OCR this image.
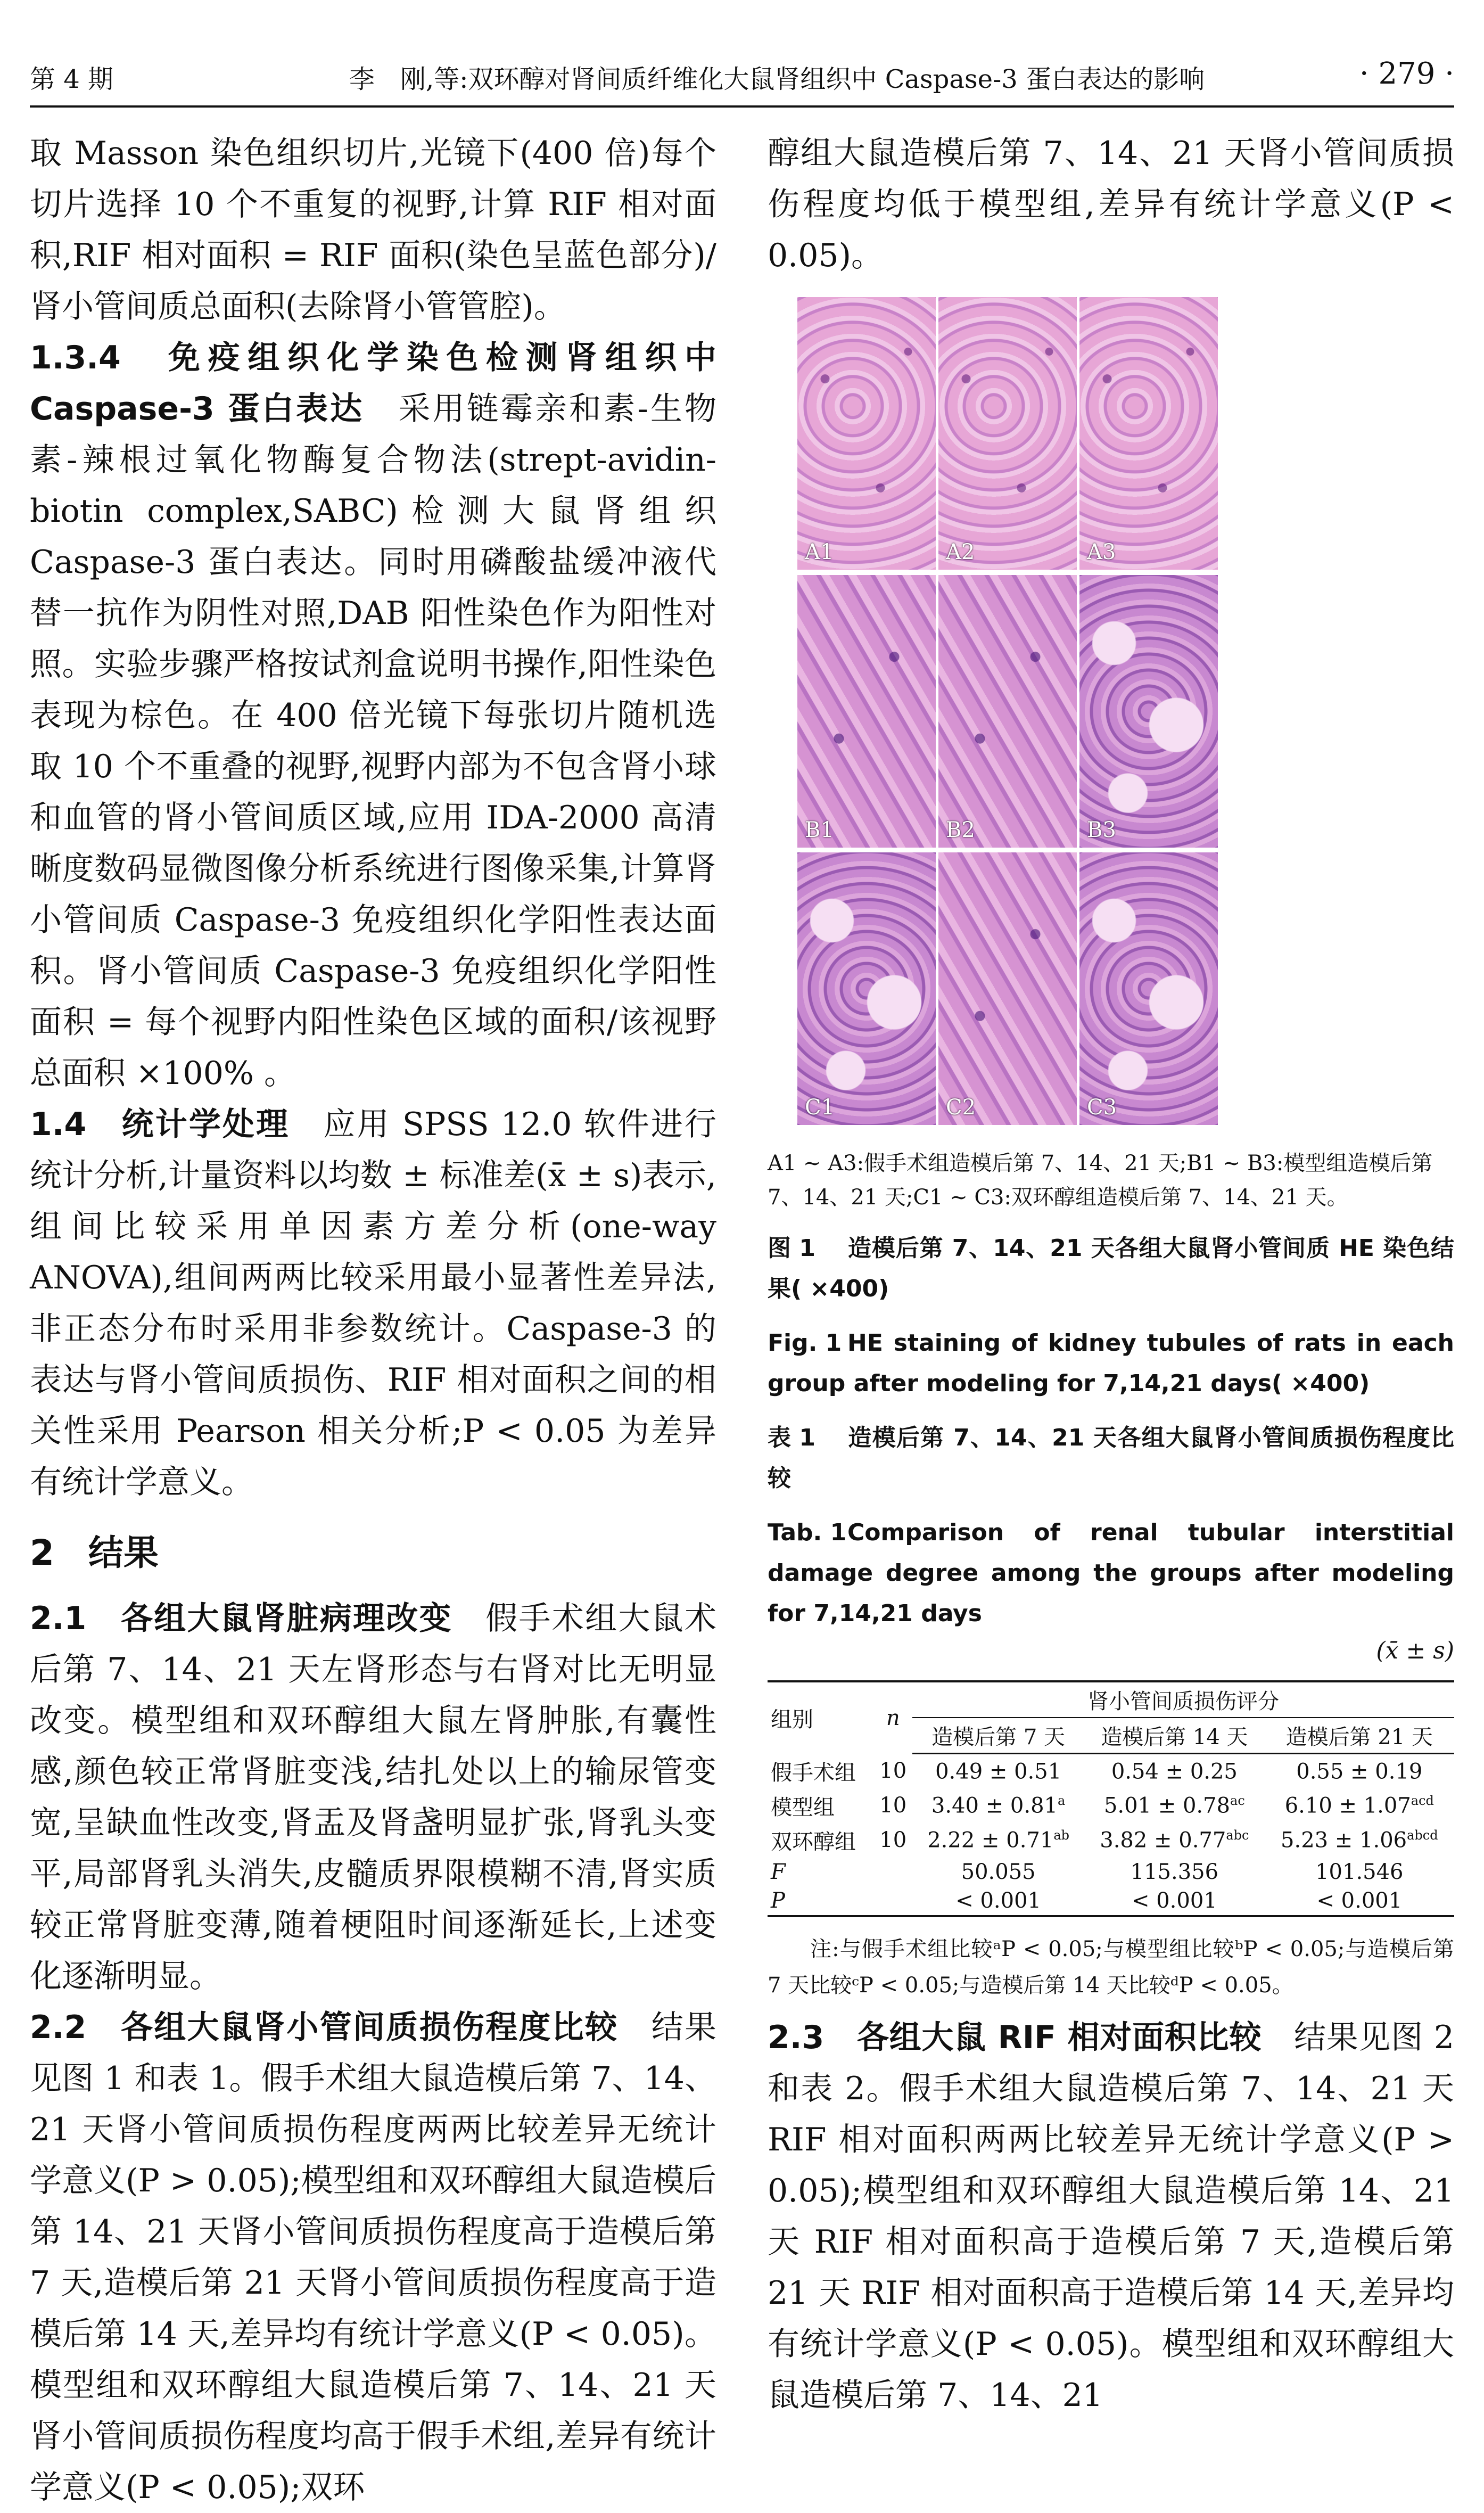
第 4 期	李　刚,等:双环醇对肾间质纤维化大鼠肾组织中 Caspase-3 蛋白表达的影响	· 279 ·

取 Masson 染色组织切片,光镜下(400 倍)每个切片选择 10 个不重复的视野,计算 RIF 相对面积,RIF 相对面积 = RIF 面积(染色呈蓝色部分)/肾小管间质总面积(去除肾小管管腔)。

1.3.4　免疫组织化学染色检测肾组织中 Caspase-3 蛋白表达　采用链霉亲和素-生物素-辣根过氧化物酶复合物法(strept-avidin-biotin complex,SABC)检测大鼠肾组织 Caspase-3 蛋白表达。同时用磷酸盐缓冲液代替一抗作为阴性对照,DAB 阳性染色作为阳性对照。实验步骤严格按试剂盒说明书操作,阳性染色表现为棕色。在 400 倍光镜下每张切片随机选取 10 个不重叠的视野,视野内部为不包含肾小球和血管的肾小管间质区域,应用 IDA-2000 高清晰度数码显微图像分析系统进行图像采集,计算肾小管间质 Caspase-3 免疫组织化学阳性表达面积。肾小管间质 Caspase-3 免疫组织化学阳性面积 = 每个视野内阳性染色区域的面积/该视野总面积 ×100% 。

1.4　统计学处理　应用 SPSS 12.0 软件进行统计分析,计量资料以均数 ± 标准差(x̄ ± s)表示,组间比较采用单因素方差分析(one-way ANOVA),组间两两比较采用最小显著性差异法,非正态分布时采用非参数统计。Caspase-3 的表达与肾小管间质损伤、RIF 相对面积之间的相关性采用 Pearson 相关分析;P < 0.05 为差异有统计学意义。

2 结果

2.1　各组大鼠肾脏病理改变　假手术组大鼠术后第 7、14、21 天左肾形态与右肾对比无明显改变。模型组和双环醇组大鼠左肾肿胀,有囊性感,颜色较正常肾脏变浅,结扎处以上的输尿管变宽,呈缺血性改变,肾盂及肾盏明显扩张,肾乳头变平,局部肾乳头消失,皮髓质界限模糊不清,肾实质较正常肾脏变薄,随着梗阻时间逐渐延长,上述变化逐渐明显。

2.2　各组大鼠肾小管间质损伤程度比较　结果见图 1 和表 1。假手术组大鼠造模后第 7、14、21 天肾小管间质损伤程度两两比较差异无统计学意义(P > 0.05);模型组和双环醇组大鼠造模后第 14、21 天肾小管间质损伤程度高于造模后第 7 天,造模后第 21 天肾小管间质损伤程度高于造模后第 14 天,差异均有统计学意义(P < 0.05)。模型组和双环醇组大鼠造模后第 7、14、21 天肾小管间质损伤程度均高于假手术组,差异有统计学意义(P < 0.05);双环

醇组大鼠造模后第 7、14、21 天肾小管间质损伤程度均低于模型组,差异有统计学意义(P < 0.05)。

A1	A2	A3
B1	B2	B3
C1	C2	C3

A1 ~ A3:假手术组造模后第 7、14、21 天;B1 ~ B3:模型组造模后第 7、14、21 天;C1 ~ C3:双环醇组造模后第 7、14、21 天。

图 1 造模后第 7、14、21 天各组大鼠肾小管间质 HE 染色结果( ×400)

Fig. 1 HE staining of kidney tubules of rats in each group after modeling for 7,14,21 days( ×400)

表 1 造模后第 7、14、21 天各组大鼠肾小管间质损伤程度比较

Tab. 1Comparison of renal tubular interstitial damage degree among the groups after modeling for 7,14,21 days

(x̄ ± s)
组别	n	肾小管间质损伤评分		
		造模后第 7 天	造模后第 14 天	造模后第 21 天
假手术组	10	0.49 ± 0.51	0.54 ± 0.25	0.55 ± 0.19
模型组	10	3.40 ± 0.81$^a$	5.01 ± 0.78$^{ac}$	6.10 ± 1.07$^{acd}$
双环醇组	10	2.22 ± 0.71$^{ab}$	3.82 ± 0.77$^{abc}$	$5.23 \pm 1.06^{abcd}$
F		50.055	115.356	101.546
P		< 0.001	< 0.001	< 0.001

注:与假手术组比较ᵃP < 0.05;与模型组比较ᵇP < 0.05;与造模后第 7 天比较ᶜP < 0.05;与造模后第 14 天比较ᵈP < 0.05。

2.3　各组大鼠 RIF 相对面积比较　结果见图 2 和表 2。假手术组大鼠造模后第 7、14、21 天 RIF 相对面积两两比较差异无统计学意义(P > 0.05);模型组和双环醇组大鼠造模后第 14、21 天 RIF 相对面积高于造模后第 7 天,造模后第 21 天 RIF 相对面积高于造模后第 14 天,差异均有统计学意义(P < 0.05)。模型组和双环醇组大鼠造模后第 7、14、21
